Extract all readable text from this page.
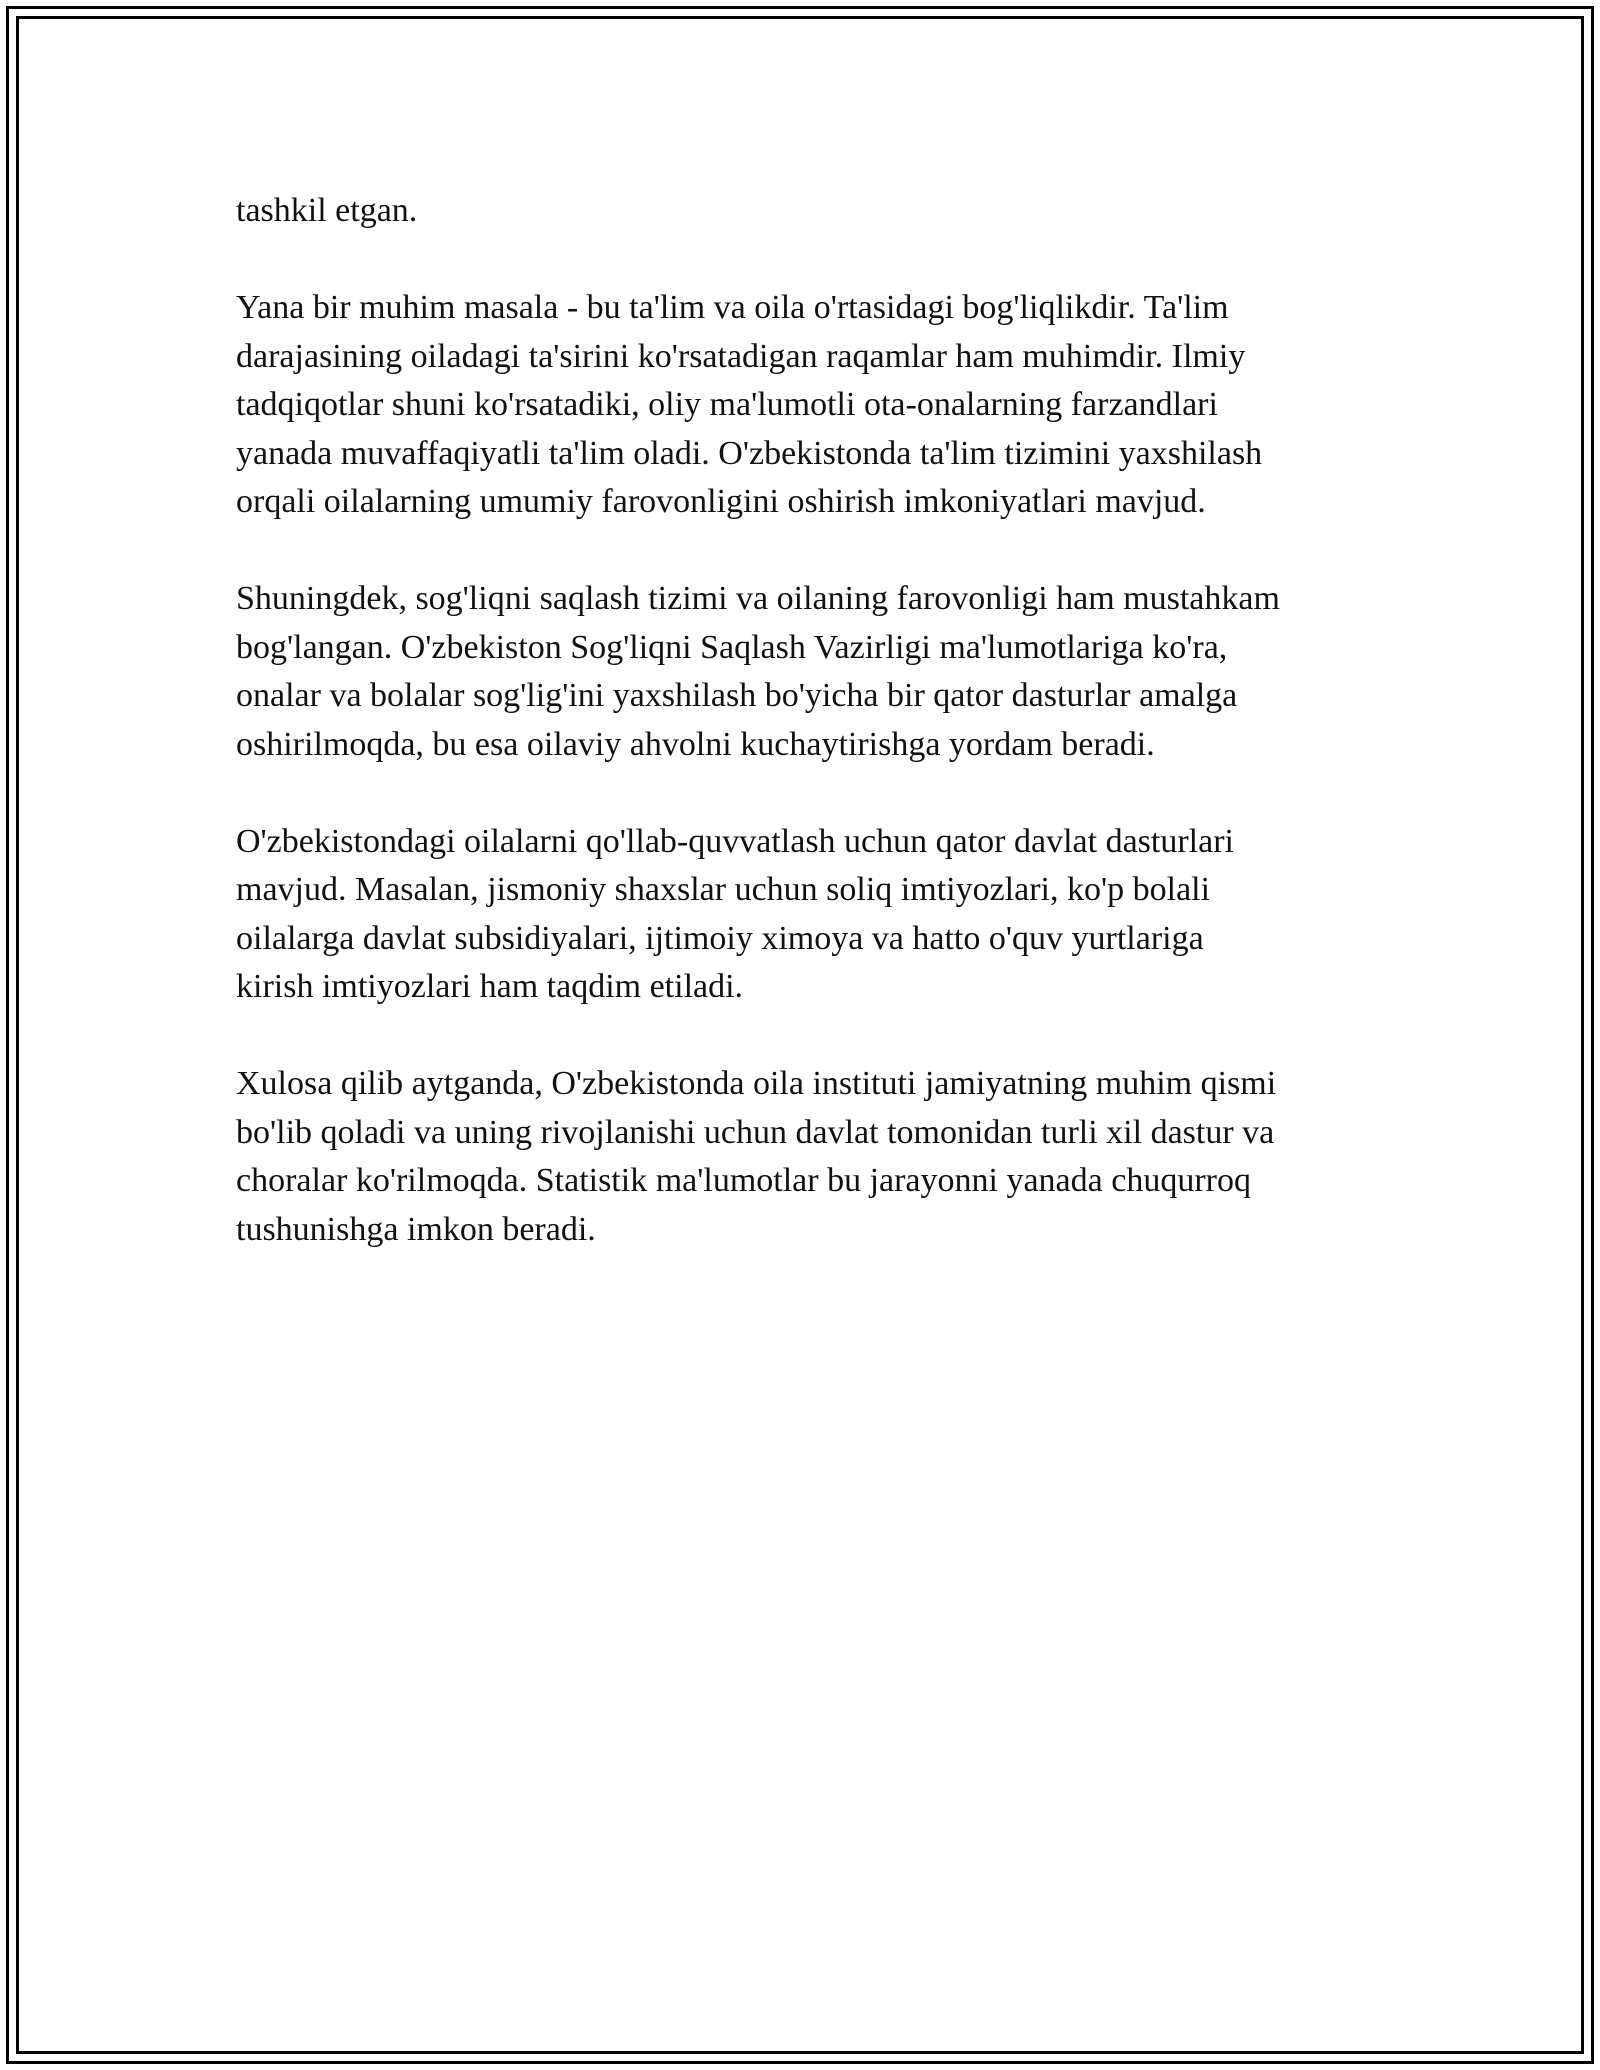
tashkil etgan.

Yana bir muhim masala - bu ta'lim va oila o'rtasidagi bog'liqlikdir. Ta'lim
darajasining oiladagi ta'sirini ko'rsatadigan raqamlar ham muhimdir. Ilmiy
tadqiqotlar shuni ko'rsatadiki, oliy ma'lumotli ota-onalarning farzandlari
yanada muvaffaqiyatli ta'lim oladi. O'zbekistonda ta'lim tizimini yaxshilash
orqali oilalarning umumiy farovonligini oshirish imkoniyatlari mavjud.

Shuningdek, sog'liqni saqlash tizimi va oilaning farovonligi ham mustahkam
bog'langan. O'zbekiston Sog'liqni Saqlash Vazirligi ma'lumotlariga ko'ra,
onalar va bolalar sog'lig'ini yaxshilash bo'yicha bir qator dasturlar amalga
oshirilmoqda, bu esa oilaviy ahvolni kuchaytirishga yordam beradi.

O'zbekistondagi oilalarni qo'llab-quvvatlash uchun qator davlat dasturlari
mavjud. Masalan, jismoniy shaxslar uchun soliq imtiyozlari, ko'p bolali
oilalarga davlat subsidiyalari, ijtimoiy ximoya va hatto o'quv yurtlariga
kirish imtiyozlari ham taqdim etiladi.

Xulosa qilib aytganda, O'zbekistonda oila instituti jamiyatning muhim qismi
bo'lib qoladi va uning rivojlanishi uchun davlat tomonidan turli xil dastur va
choralar ko'rilmoqda. Statistik ma'lumotlar bu jarayonni yanada chuqurroq
tushunishga imkon beradi.
